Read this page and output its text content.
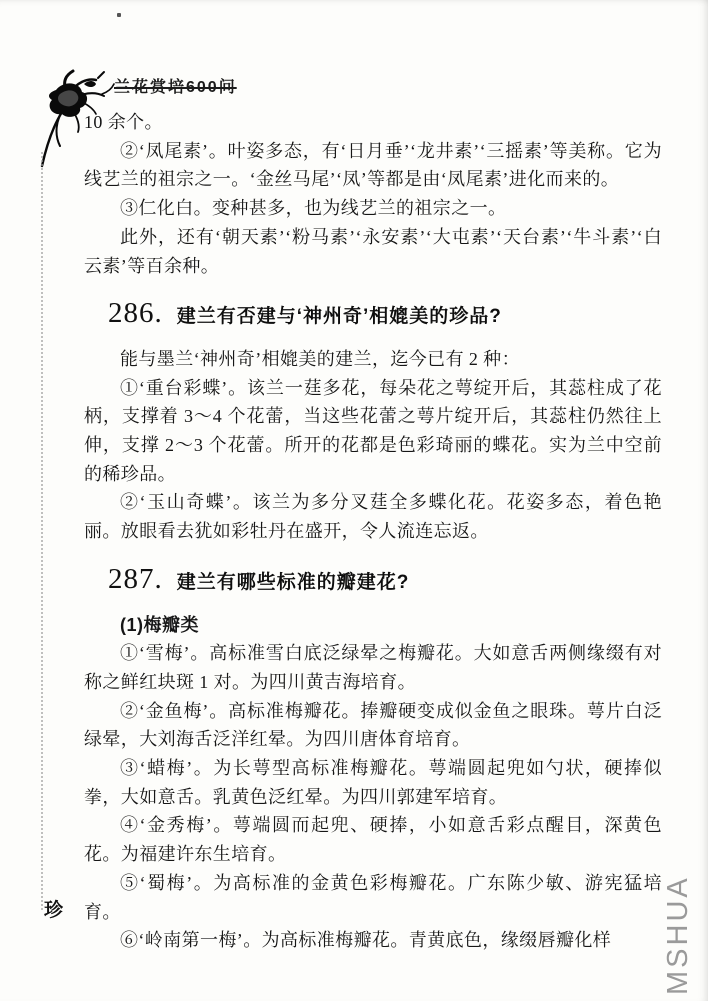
兰花赏培600问

10 余个。

②‘凤尾素’。叶姿多态，有‘日月垂’‘龙井素’‘三摇素’等美称。它为线艺兰的祖宗之一。‘金丝马尾’‘凤’等都是由‘凤尾素’进化而来的。

③仁化白。变种甚多，也为线艺兰的祖宗之一。

此外，还有‘朝天素’‘粉马素’‘永安素’‘大屯素’‘天台素’‘牛斗素’‘白云素’等百余种。

286. 建兰有否建与‘神州奇’相媲美的珍品?

能与墨兰‘神州奇’相媲美的建兰，迄今已有 2 种：

①‘重台彩蝶’。该兰一莛多花，每朵花之萼绽开后，其蕊柱成了花柄，支撑着 3～4 个花蕾，当这些花蕾之萼片绽开后，其蕊柱仍然往上伸，支撑 2～3 个花蕾。所开的花都是色彩琦丽的蝶花。实为兰中空前的稀珍品。

②‘玉山奇蝶’。该兰为多分叉莛全多蝶化花。花姿多态，着色艳丽。放眼看去犹如彩牡丹在盛开，令人流连忘返。

287. 建兰有哪些标准的瓣建花?

(1)梅瓣类

①‘雪梅’。高标准雪白底泛绿晕之梅瓣花。大如意舌两侧缘缀有对称之鲜红块斑 1 对。为四川黄吉海培育。

②‘金鱼梅’。高标准梅瓣花。捧瓣硬变成似金鱼之眼珠。萼片白泛绿晕，大刘海舌泛洋红晕。为四川唐体育培育。

③‘蜡梅’。为长萼型高标准梅瓣花。萼端圆起兜如勺状，硬捧似拳，大如意舌。乳黄色泛红晕。为四川郭建军培育。

④‘金秀梅’。萼端圆而起兜、硬捧，小如意舌彩点醒目，深黄色花。为福建许东生培育。

⑤‘蜀梅’。为高标准的金黄色彩梅瓣花。广东陈少敏、游宪猛培育。

⑥‘岭南第一梅’。为高标准梅瓣花。青黄底色，缘缀唇瓣化样

珍	MSHUA
